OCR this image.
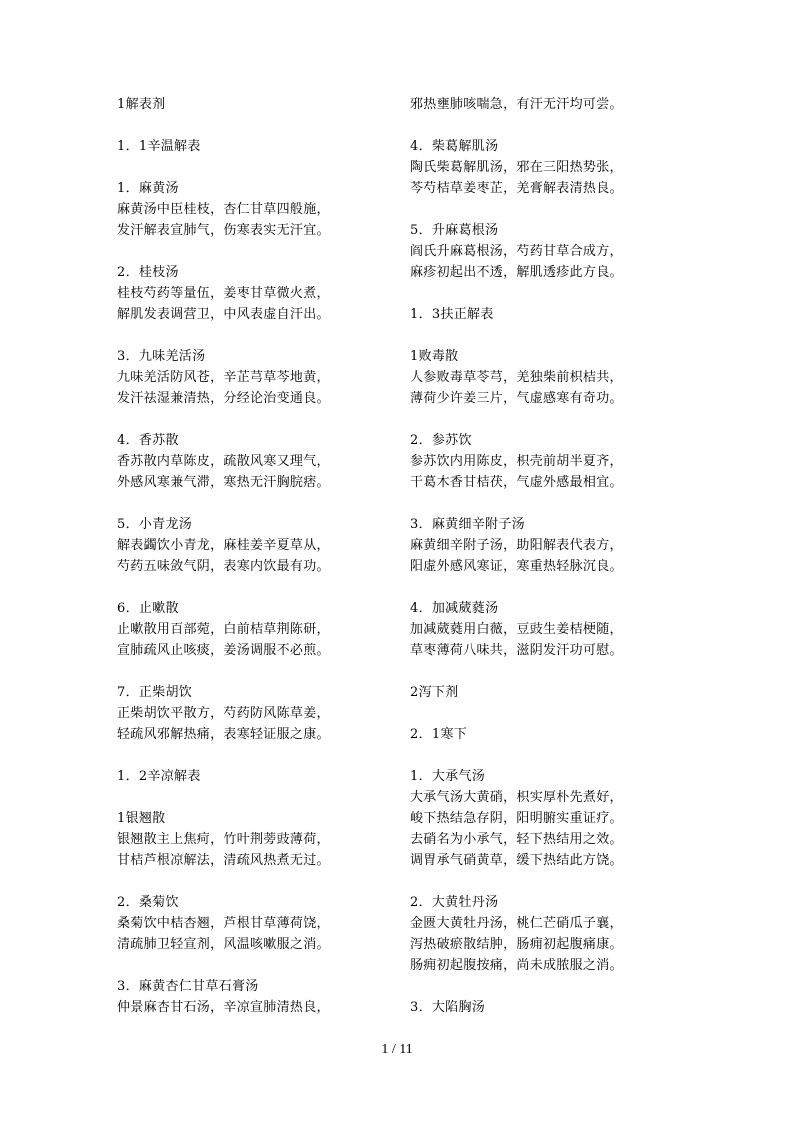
1解表剂
1．1辛温解表
1．麻黄汤
麻黄汤中臣桂枝，杏仁甘草四般施，
发汗解表宣肺气，伤寒表实无汗宜。
2．桂枝汤
桂枝芍药等量伍，姜枣甘草微火煮，
解肌发表调营卫，中风表虚自汗出。
3．九味羌活汤
九味羌活防风苍，辛芷芎草芩地黄，
发汗祛湿兼清热，分经论治变通良。
4．香苏散
香苏散内草陈皮，疏散风寒又理气，
外感风寒兼气滞，寒热无汗胸脘痞。
5．小青龙汤
解表蠲饮小青龙，麻桂姜辛夏草从，
芍药五味敛气阴，表寒内饮最有功。
6．止嗽散
止嗽散用百部菀，白前桔草荆陈研，
宣肺疏风止咳痰，姜汤调服不必煎。
7．正柴胡饮
正柴胡饮平散方，芍药防风陈草姜，
轻疏风邪解热痛，表寒轻证服之康。
1．2辛凉解表
1银翘散
银翘散主上焦疴，竹叶荆蒡豉薄荷，
甘桔芦根凉解法，清疏风热煮无过。
2．桑菊饮
桑菊饮中桔杏翘，芦根甘草薄荷饶，
清疏肺卫轻宣剂，风温咳嗽服之消。
3．麻黄杏仁甘草石膏汤
仲景麻杏甘石汤，辛凉宣肺清热良，
邪热壅肺咳喘急，有汗无汗均可尝。
4．柴葛解肌汤
陶氏柴葛解肌汤，邪在三阳热势张，
芩芍桔草姜枣芷，羌膏解表清热良。
5．升麻葛根汤
阎氏升麻葛根汤，芍药甘草合成方，
麻疹初起出不透，解肌透疹此方良。
1．3扶正解表
1败毒散
人参败毒草苓芎，羌独柴前枳桔共，
薄荷少许姜三片，气虚感寒有奇功。
2．参苏饮
参苏饮内用陈皮，枳壳前胡半夏齐，
干葛木香甘桔茯，气虚外感最相宜。
3．麻黄细辛附子汤
麻黄细辛附子汤，助阳解表代表方，
阳虚外感风寒证，寒重热轻脉沉良。
4．加减葳蕤汤
加减葳蕤用白薇，豆豉生姜桔梗随，
草枣薄荷八味共，滋阴发汗功可慰。
2泻下剂
2．1寒下
1．大承气汤
大承气汤大黄硝，枳实厚朴先煮好，
峻下热结急存阴，阳明腑实重证疗。
去硝名为小承气，轻下热结用之效。
调胃承气硝黄草，缓下热结此方饶。
2．大黄牡丹汤
金匮大黄牡丹汤，桃仁芒硝瓜子襄，
泻热破瘀散结肿，肠痈初起腹痛康。
肠痈初起腹按痛，尚未成脓服之消。
3．大陷胸汤
1 / 11
